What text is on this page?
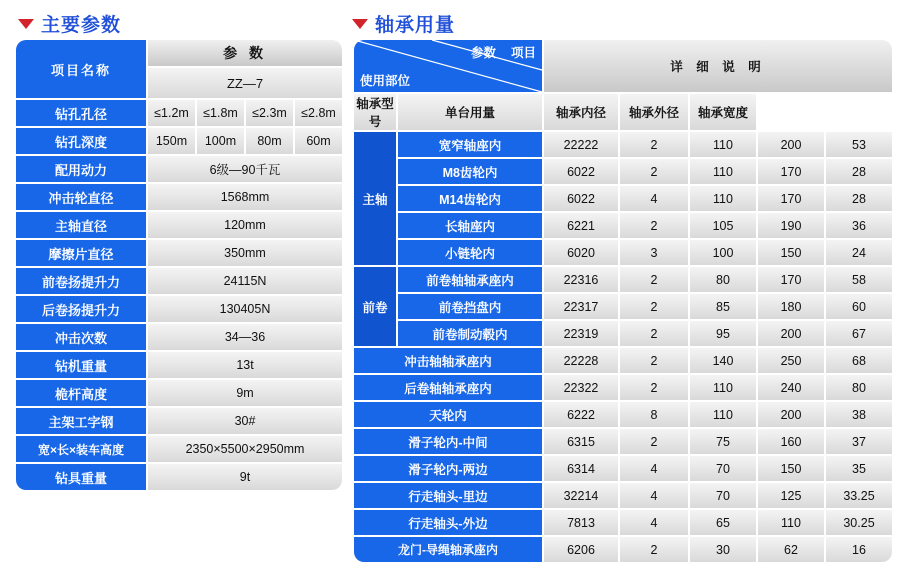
主要参数	轴承用量
项目名称	参 数			
	ZZ—7			
钻孔孔径	≤1.2m	≤1.8m	≤2.3m	≤2.8m
钻孔深度	150m	100m	80m	60m
配用动力	6级—90千瓦			
冲击轮直径	1568mm			
主轴直径	120mm			
摩擦片直径	350mm			
前卷扬提升力	24115N			
后卷扬提升力	130405N			
冲击次数	34—36			
钻机重量	13t			
桅杆高度	9m			
主架工字钢	30#			
宽×长×装车高度	2350×5500×2950mm			
钻具重量	9t			
项目
参数
使用部位		详 细 说 明				
轴承型号	单台用量	轴承内径	轴承外径	轴承宽度		
主轴	宽窄轴座内	22222	2	110	200	53
	M8齿轮内	6022	2	110	170	28
	M14齿轮内	6022	4	110	170	28
	长轴座内	6221	2	105	190	36
	小链轮内	6020	3	100	150	24
前卷	前卷轴轴承座内	22316	2	80	170	58
	前卷挡盘内	22317	2	85	180	60
	前卷制动毂内	22319	2	95	200	67
冲击轴轴承座内		22228	2	140	250	68
后卷轴轴承座内		22322	2	110	240	80
天轮内		6222	8	110	200	38
滑子轮内-中间		6315	2	75	160	37
滑子轮内-两边		6314	4	70	150	35
行走轴头-里边		32214	4	70	125	33.25
行走轴头-外边		7813	4	65	110	30.25
龙门-导绳轴承座内		6206	2	30	62	16
